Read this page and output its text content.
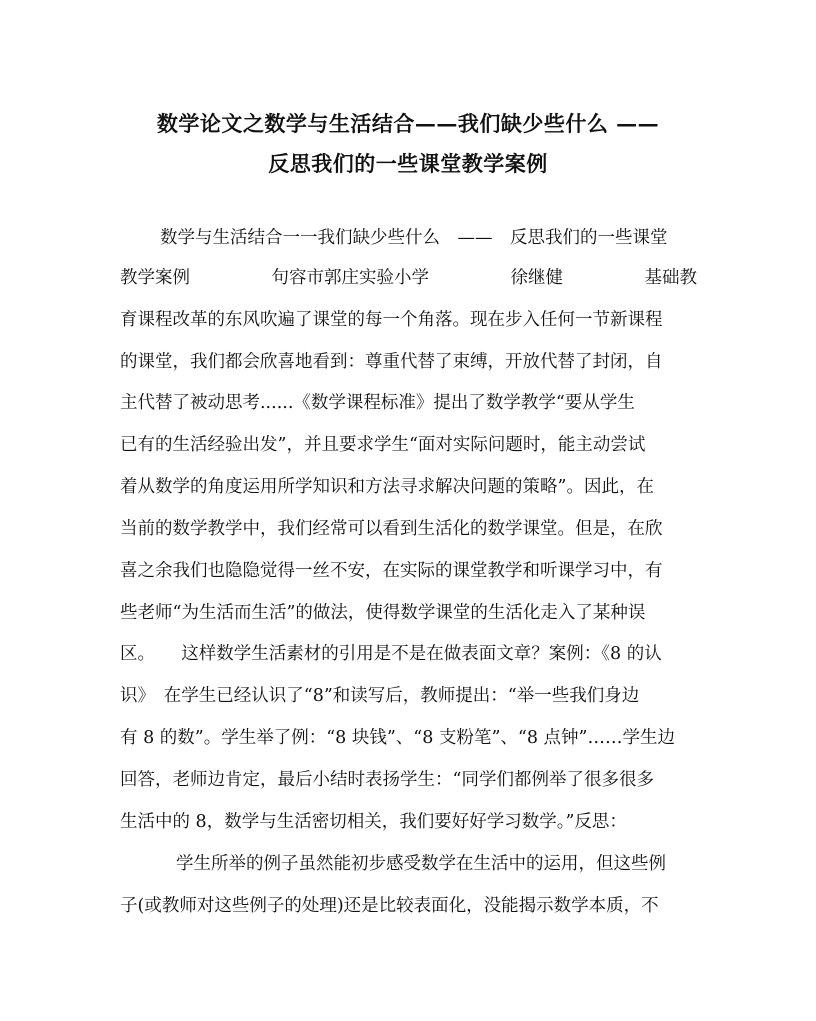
数学论文之数学与生活结合——我们缺少些什么 ——
反思我们的一些课堂教学案例
数学与生活结合一一我们缺少些什么　——　反思我们的一些课堂
教学案例	句容市郭庄实验小学	徐继健	基础教
育课程改革的东风吹遍了课堂的每一个角落。现在步入任何一节新课程
的课堂，我们都会欣喜地看到：尊重代替了束缚，开放代替了封闭，自
主代替了被动思考......《数学课程标准》提出了数学教学“要从学生
已有的生活经验出发”，并且要求学生“面对实际问题时，能主动尝试
着从数学的角度运用所学知识和方法寻求解决问题的策略”。因此，在
当前的数学教学中，我们经常可以看到生活化的数学课堂。但是，在欣
喜之余我们也隐隐觉得一丝不安，在实际的课堂教学和听课学习中，有
些老师“为生活而生活”的做法，使得数学课堂的生活化走入了某种误
区。　　这样数学生活素材的引用是不是在做表面文章？案例：《8 的认
识》　在学生已经认识了“8”和读写后，教师提出：“举一些我们身边
有 8 的数”。学生举了例：“8 块钱”、“8 支粉笔”、“8 点钟”……学生边
回答，老师边肯定，最后小结时表扬学生：“同学们都例举了很多很多
生活中的 8，数学与生活密切相关，我们要好好学习数学。”反思：
学生所举的例子虽然能初步感受数学在生活中的运用，但这些例
子(或教师对这些例子的处理)还是比较表面化，没能揭示数学本质，不
